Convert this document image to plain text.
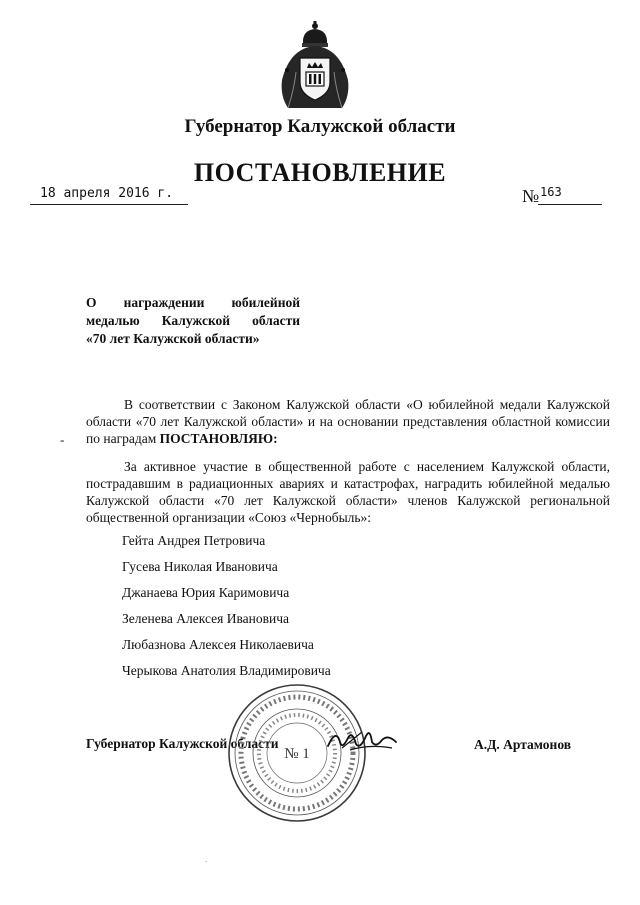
Губернатор Калужской области
ПОСТАНОВЛЕНИЕ
18 апреля 2016 г.	№ 163
О награждении юбилейной
медалью Калужской области
«70 лет Калужской области»
-
В соответствии с Законом Калужской области «О юбилейной медали Калужской области «70 лет Калужской области» и на основании представления областной комиссии по наградам ПОСТАНОВЛЯЮ:
За активное участие в общественной работе с населением Калужской области, пострадавшим в радиационных авариях и катастрофах, наградить юбилейной медалью Калужской области «70 лет Калужской области» членов Калужской региональной общественной организации «Союз «Чернобыль»:
Гейта Андрея Петровича
Гусева Николая Ивановича
Джанаева Юрия Каримовича
Зеленева Алексея Ивановича
Любазнова Алексея Николаевича
Черыкова Анатолия Владимировича
Губернатор Калужской области	А.Д. Артамонов
№ 1
·
